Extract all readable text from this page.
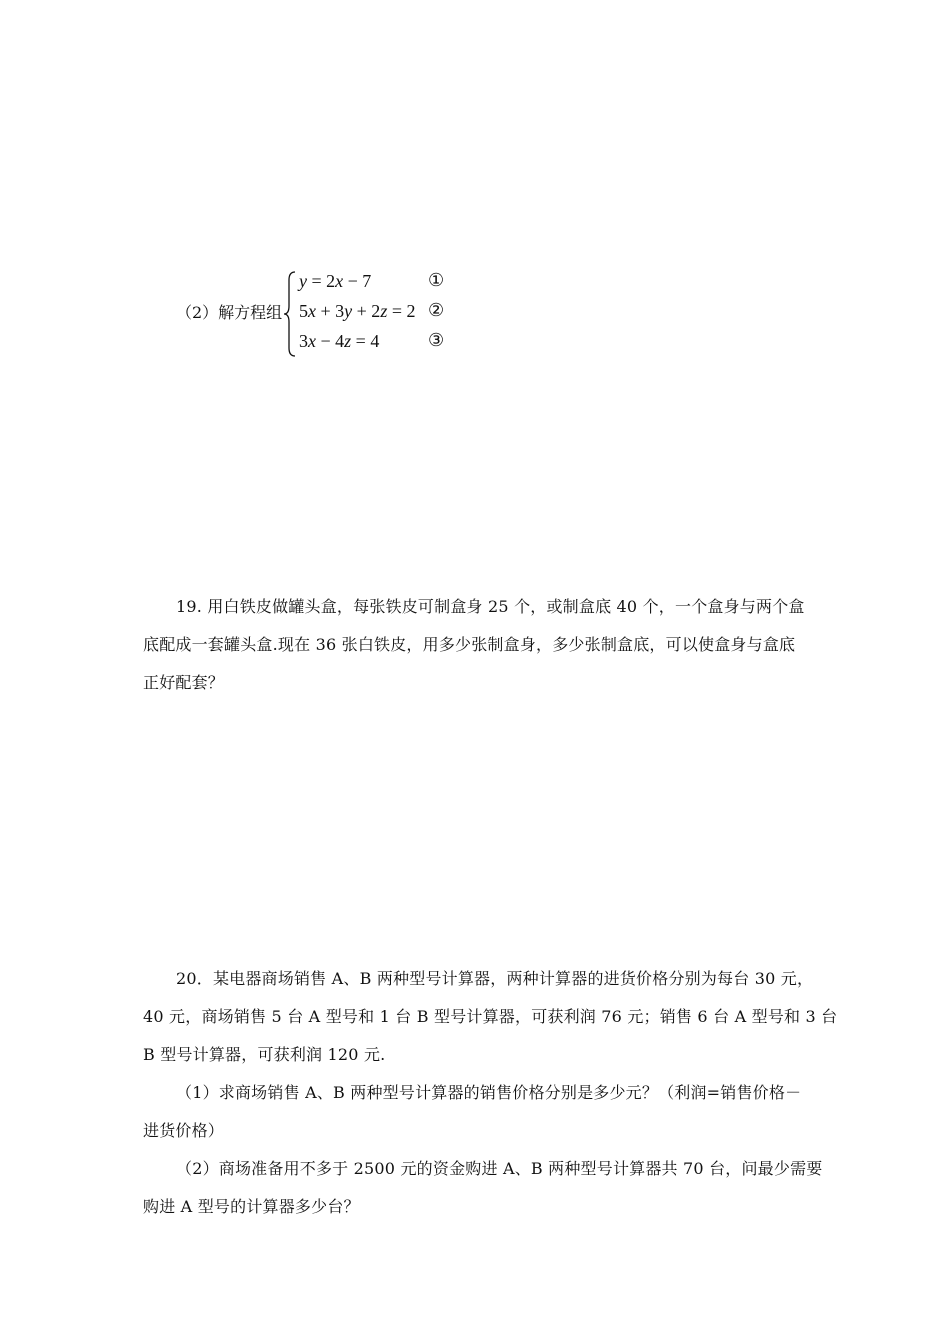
（2）解方程组
y = 2x − 7	①
5x + 3y + 2z = 2 ②
3x − 4z = 4	③
19. 用白铁皮做罐头盒，每张铁皮可制盒身 25 个，或制盒底 40 个，一个盒身与两个盒
底配成一套罐头盒.现在 36 张白铁皮，用多少张制盒身，多少张制盒底，可以使盒身与盒底
正好配套？
20．某电器商场销售 A、B 两种型号计算器，两种计算器的进货价格分别为每台 30 元，
40 元，商场销售 5 台 A 型号和 1 台 B 型号计算器，可获利润 76 元；销售 6 台 A 型号和 3 台
B 型号计算器，可获利润 120 元.
（1）求商场销售 A、B 两种型号计算器的销售价格分别是多少元？（利润=销售价格－
进货价格）
（2）商场准备用不多于 2500 元的资金购进 A、B 两种型号计算器共 70 台，问最少需要
购进 A 型号的计算器多少台？
